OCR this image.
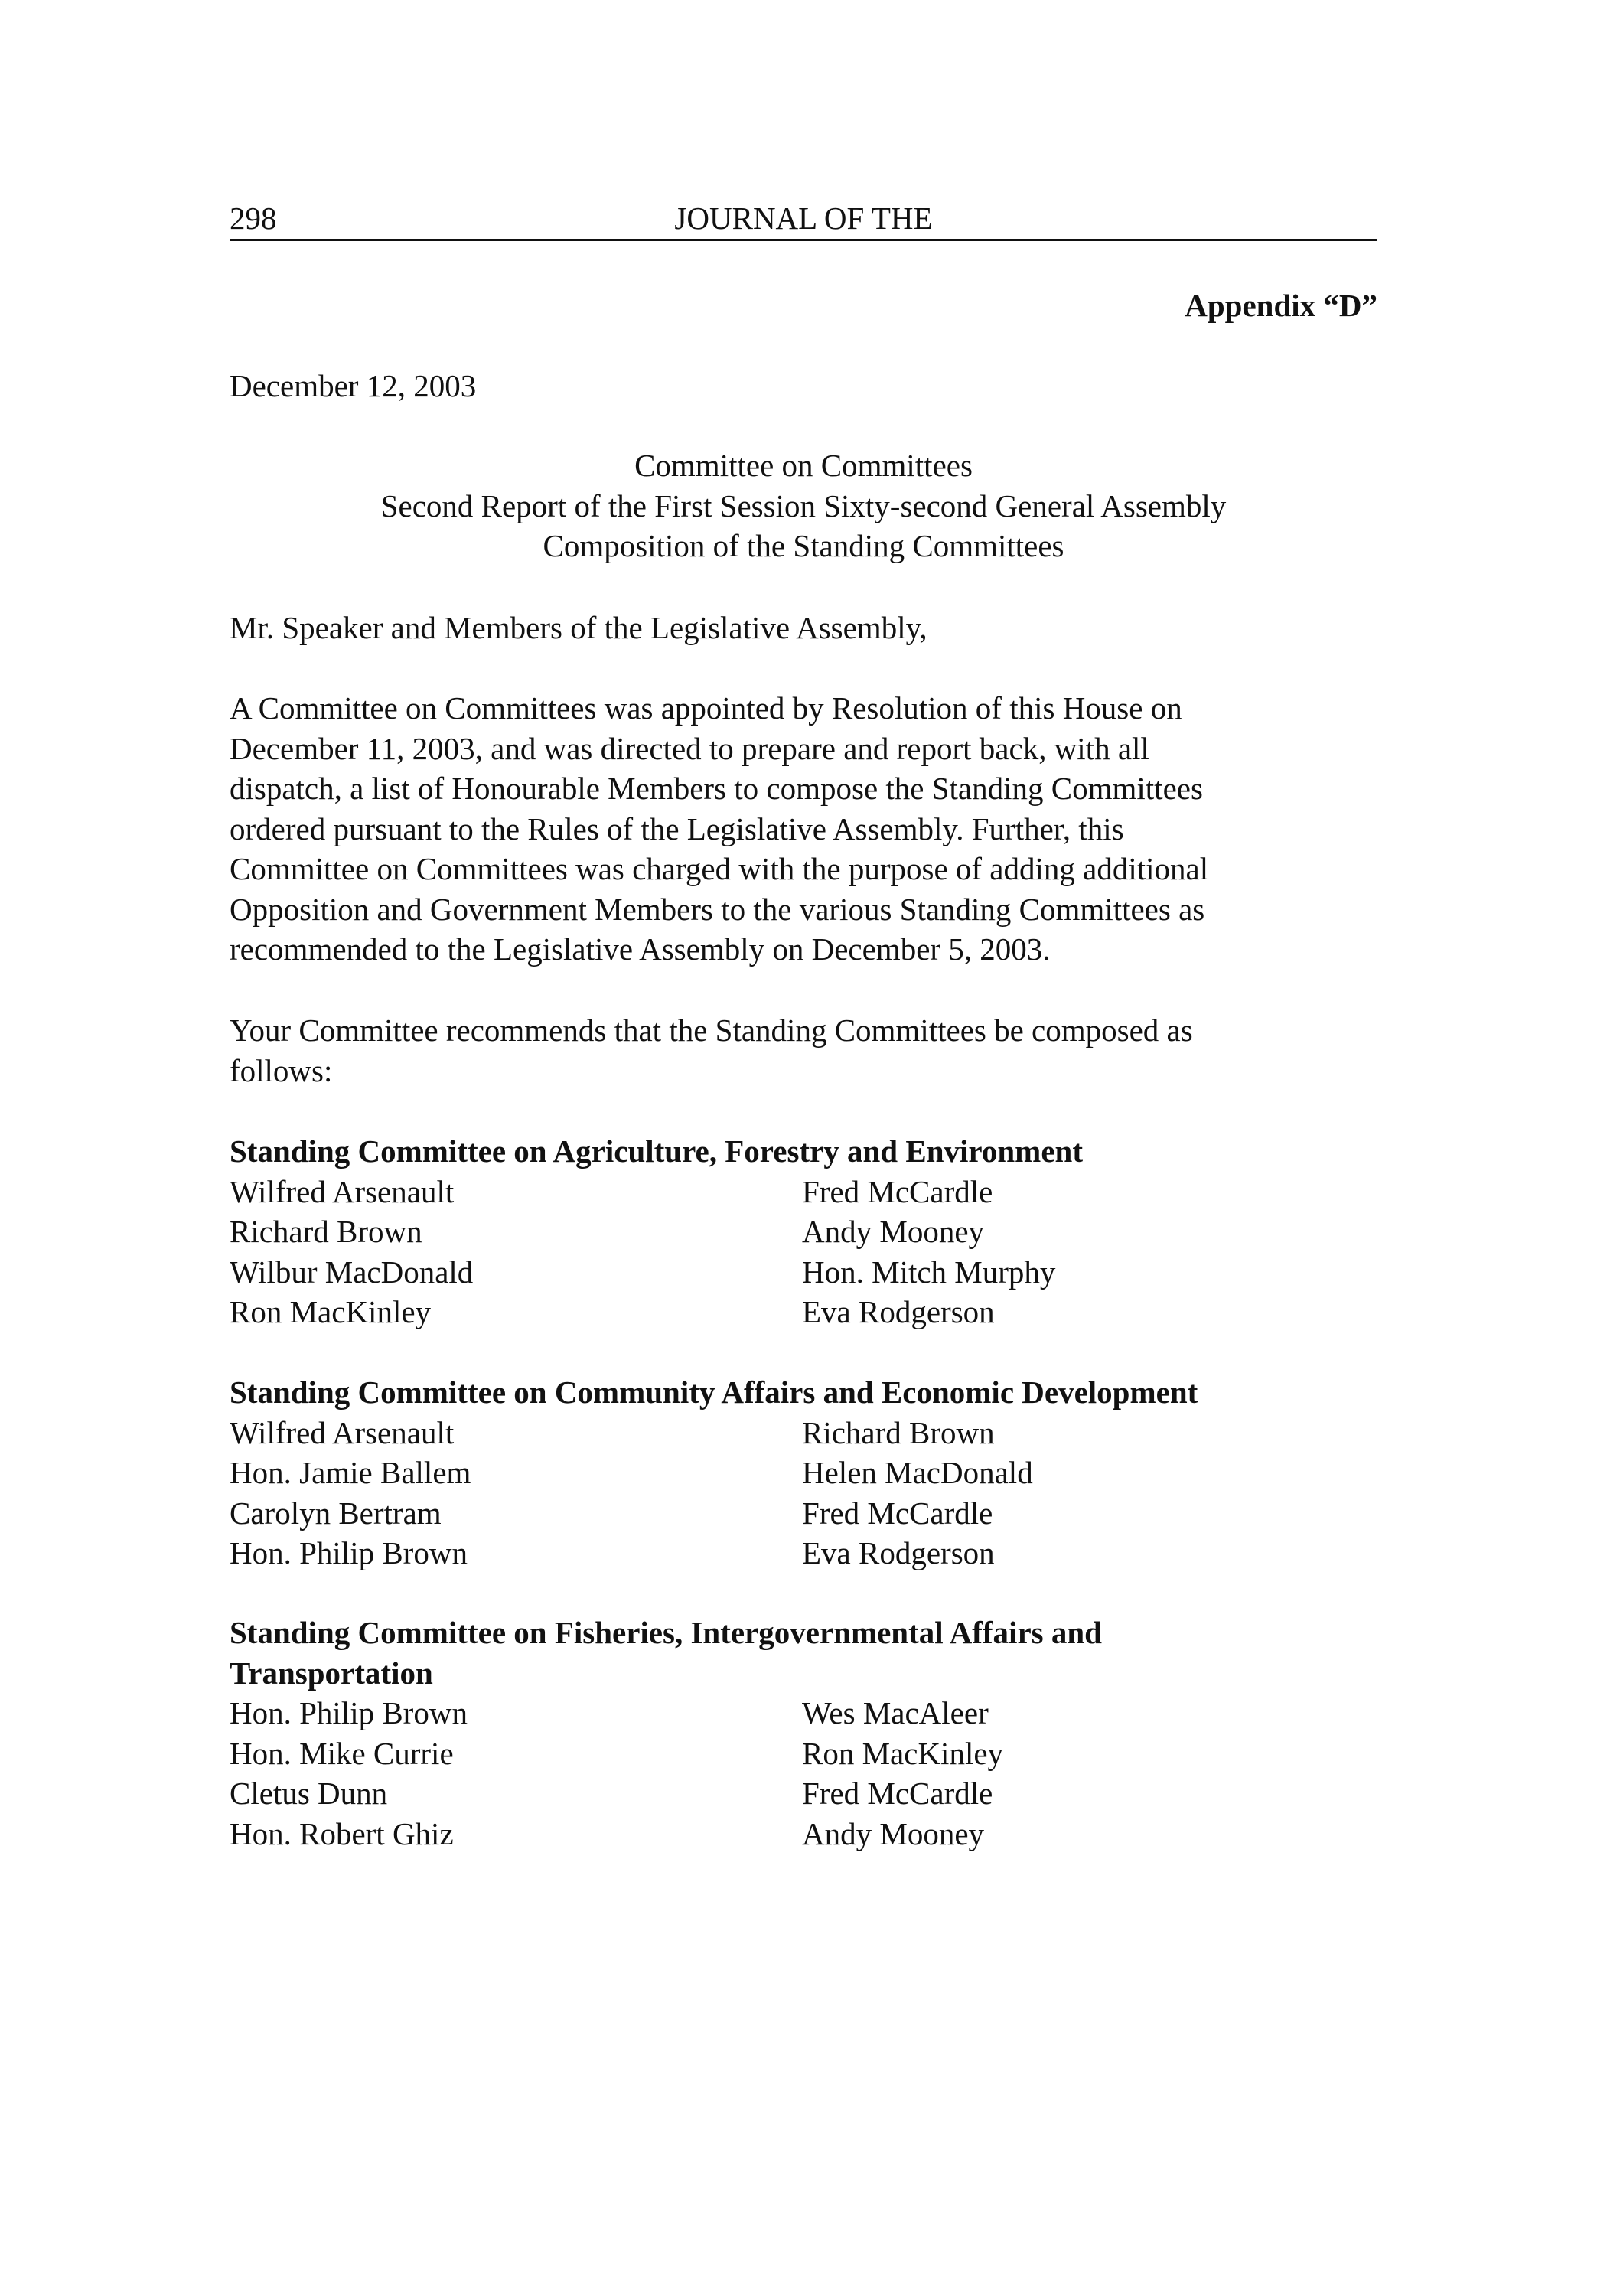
298	JOURNAL OF THE
Appendix “D”
December 12, 2003
Committee on Committees
Second Report of the First Session Sixty-second General Assembly
Composition of the Standing Committees
Mr. Speaker and Members of the Legislative Assembly,
A Committee on Committees was appointed by Resolution of this House on
December 11, 2003, and was directed to prepare and report back, with all
dispatch, a list of Honourable Members to compose the Standing Committees
ordered pursuant to the Rules of the Legislative Assembly. Further, this
Committee on Committees was charged with the purpose of adding additional
Opposition and Government Members to the various Standing Committees as
recommended to the Legislative Assembly on December 5, 2003.
Your Committee recommends that the Standing Committees be composed as
follows:
Standing Committee on Agriculture, Forestry and Environment
Wilfred Arsenault	Fred McCardle
Richard Brown	Andy Mooney
Wilbur MacDonald	Hon. Mitch Murphy
Ron MacKinley	Eva Rodgerson
Standing Committee on Community Affairs and Economic Development
Wilfred Arsenault	Richard Brown
Hon. Jamie Ballem	Helen MacDonald
Carolyn Bertram	Fred McCardle
Hon. Philip Brown	Eva Rodgerson
Standing Committee on Fisheries, Intergovernmental Affairs and
Transportation
Hon. Philip Brown	Wes MacAleer
Hon. Mike Currie	Ron MacKinley
Cletus Dunn	Fred McCardle
Hon. Robert Ghiz	Andy Mooney
